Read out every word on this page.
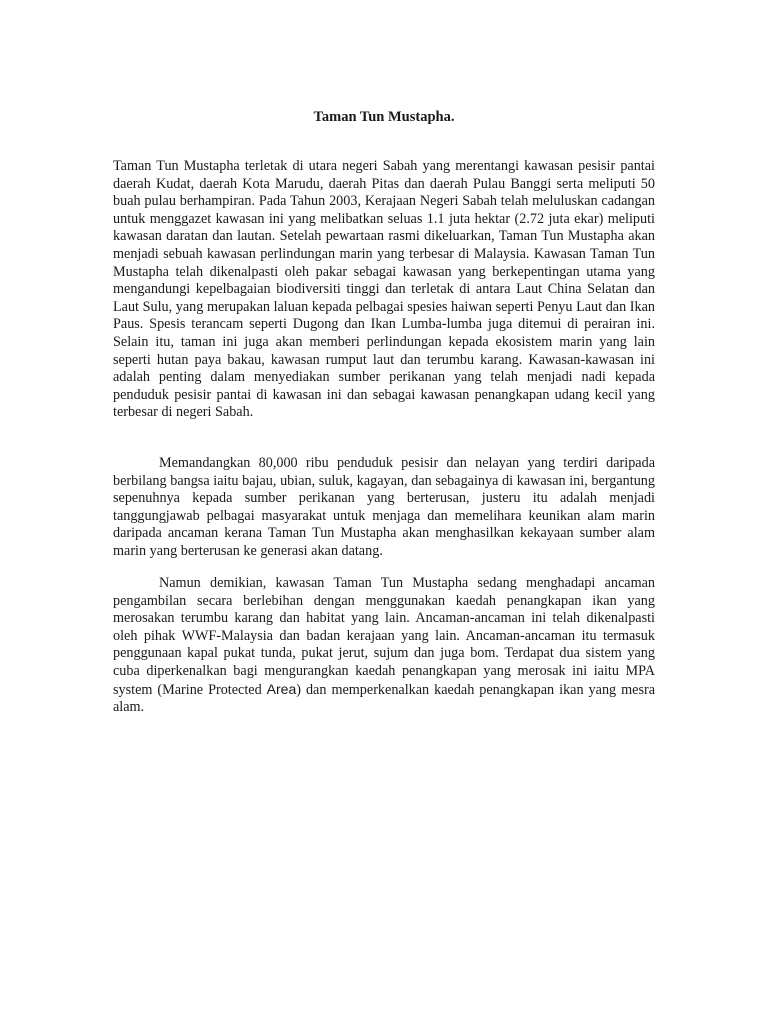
Taman Tun Mustapha.

Taman Tun Mustapha terletak di utara negeri Sabah yang merentangi kawasan pesisir pantai daerah Kudat, daerah Kota Marudu, daerah Pitas dan daerah Pulau Banggi serta meliputi 50 buah pulau berhampiran. Pada Tahun 2003, Kerajaan Negeri Sabah telah meluluskan cadangan untuk menggazet kawasan ini yang melibatkan seluas 1.1 juta hektar (2.72 juta ekar) meliputi kawasan daratan dan lautan. Setelah pewartaan rasmi dikeluarkan, Taman Tun Mustapha akan menjadi sebuah kawasan perlindungan marin yang terbesar di Malaysia. Kawasan Taman Tun Mustapha telah dikenalpasti oleh pakar sebagai kawasan yang berkepentingan utama yang mengandungi kepelbagaian biodiversiti tinggi dan terletak di antara Laut China Selatan dan Laut Sulu, yang merupakan laluan kepada pelbagai spesies haiwan seperti Penyu Laut dan Ikan Paus. Spesis terancam seperti Dugong dan Ikan Lumba-lumba juga ditemui di perairan ini. Selain itu, taman ini juga akan memberi perlindungan kepada ekosistem marin yang lain seperti hutan paya bakau, kawasan rumput laut dan terumbu karang. Kawasan-kawasan ini adalah penting dalam menyediakan sumber perikanan yang telah menjadi nadi kepada penduduk pesisir pantai di kawasan ini dan sebagai kawasan penangkapan udang kecil yang terbesar di negeri Sabah.

Memandangkan 80,000 ribu penduduk pesisir dan nelayan yang terdiri daripada berbilang bangsa iaitu bajau, ubian, suluk, kagayan, dan sebagainya di kawasan ini, bergantung sepenuhnya kepada sumber perikanan yang berterusan, justeru itu adalah menjadi tanggungjawab pelbagai masyarakat untuk menjaga dan memelihara keunikan alam marin daripada ancaman kerana Taman Tun Mustapha akan menghasilkan kekayaan sumber alam marin yang berterusan ke generasi akan datang.

Namun demikian, kawasan Taman Tun Mustapha sedang menghadapi ancaman pengambilan secara berlebihan dengan menggunakan kaedah penangkapan ikan yang merosakan terumbu karang dan habitat yang lain. Ancaman-ancaman ini telah dikenalpasti oleh pihak WWF-Malaysia dan badan kerajaan yang lain. Ancaman-ancaman itu termasuk penggunaan kapal pukat tunda, pukat jerut, sujum dan juga bom. Terdapat dua sistem yang cuba diperkenalkan bagi mengurangkan kaedah penangkapan yang merosak ini iaitu MPA system (Marine Protected Area) dan memperkenalkan kaedah penangkapan ikan yang mesra alam.
